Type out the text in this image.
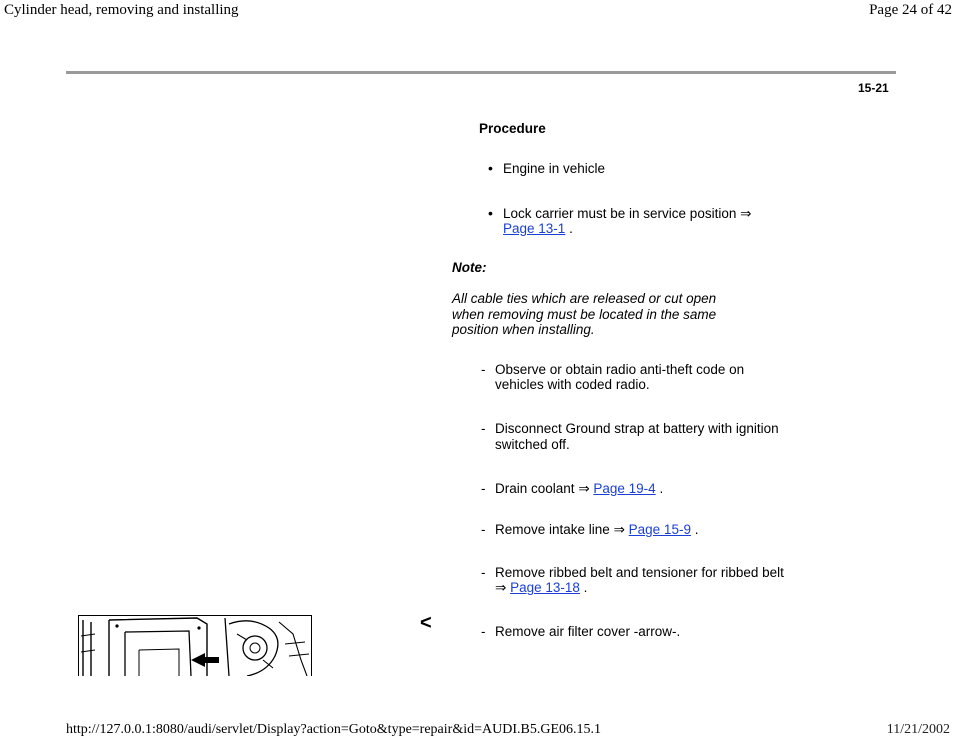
Cylinder head, removing and installing	Page 24 of 42
15-21
Procedure
• Engine in vehicle
• Lock carrier must be in service position ⇒
Page 13-1 .
Note:
All cable ties which are released or cut open
when removing must be located in the same
position when installing.
- Observe or obtain radio anti-theft code on
vehicles with coded radio.
- Disconnect Ground strap at battery with ignition
switched off.
- Drain coolant ⇒ Page 19-4 .
- Remove intake line ⇒ Page 15-9 .
- Remove ribbed belt and tensioner for ribbed belt
⇒ Page 13-18 .
<	- Remove air filter cover -arrow-.
http://127.0.0.1:8080/audi/servlet/Display?action=Goto&type=repair&id=AUDI.B5.GE06.15.1	11/21/2002
